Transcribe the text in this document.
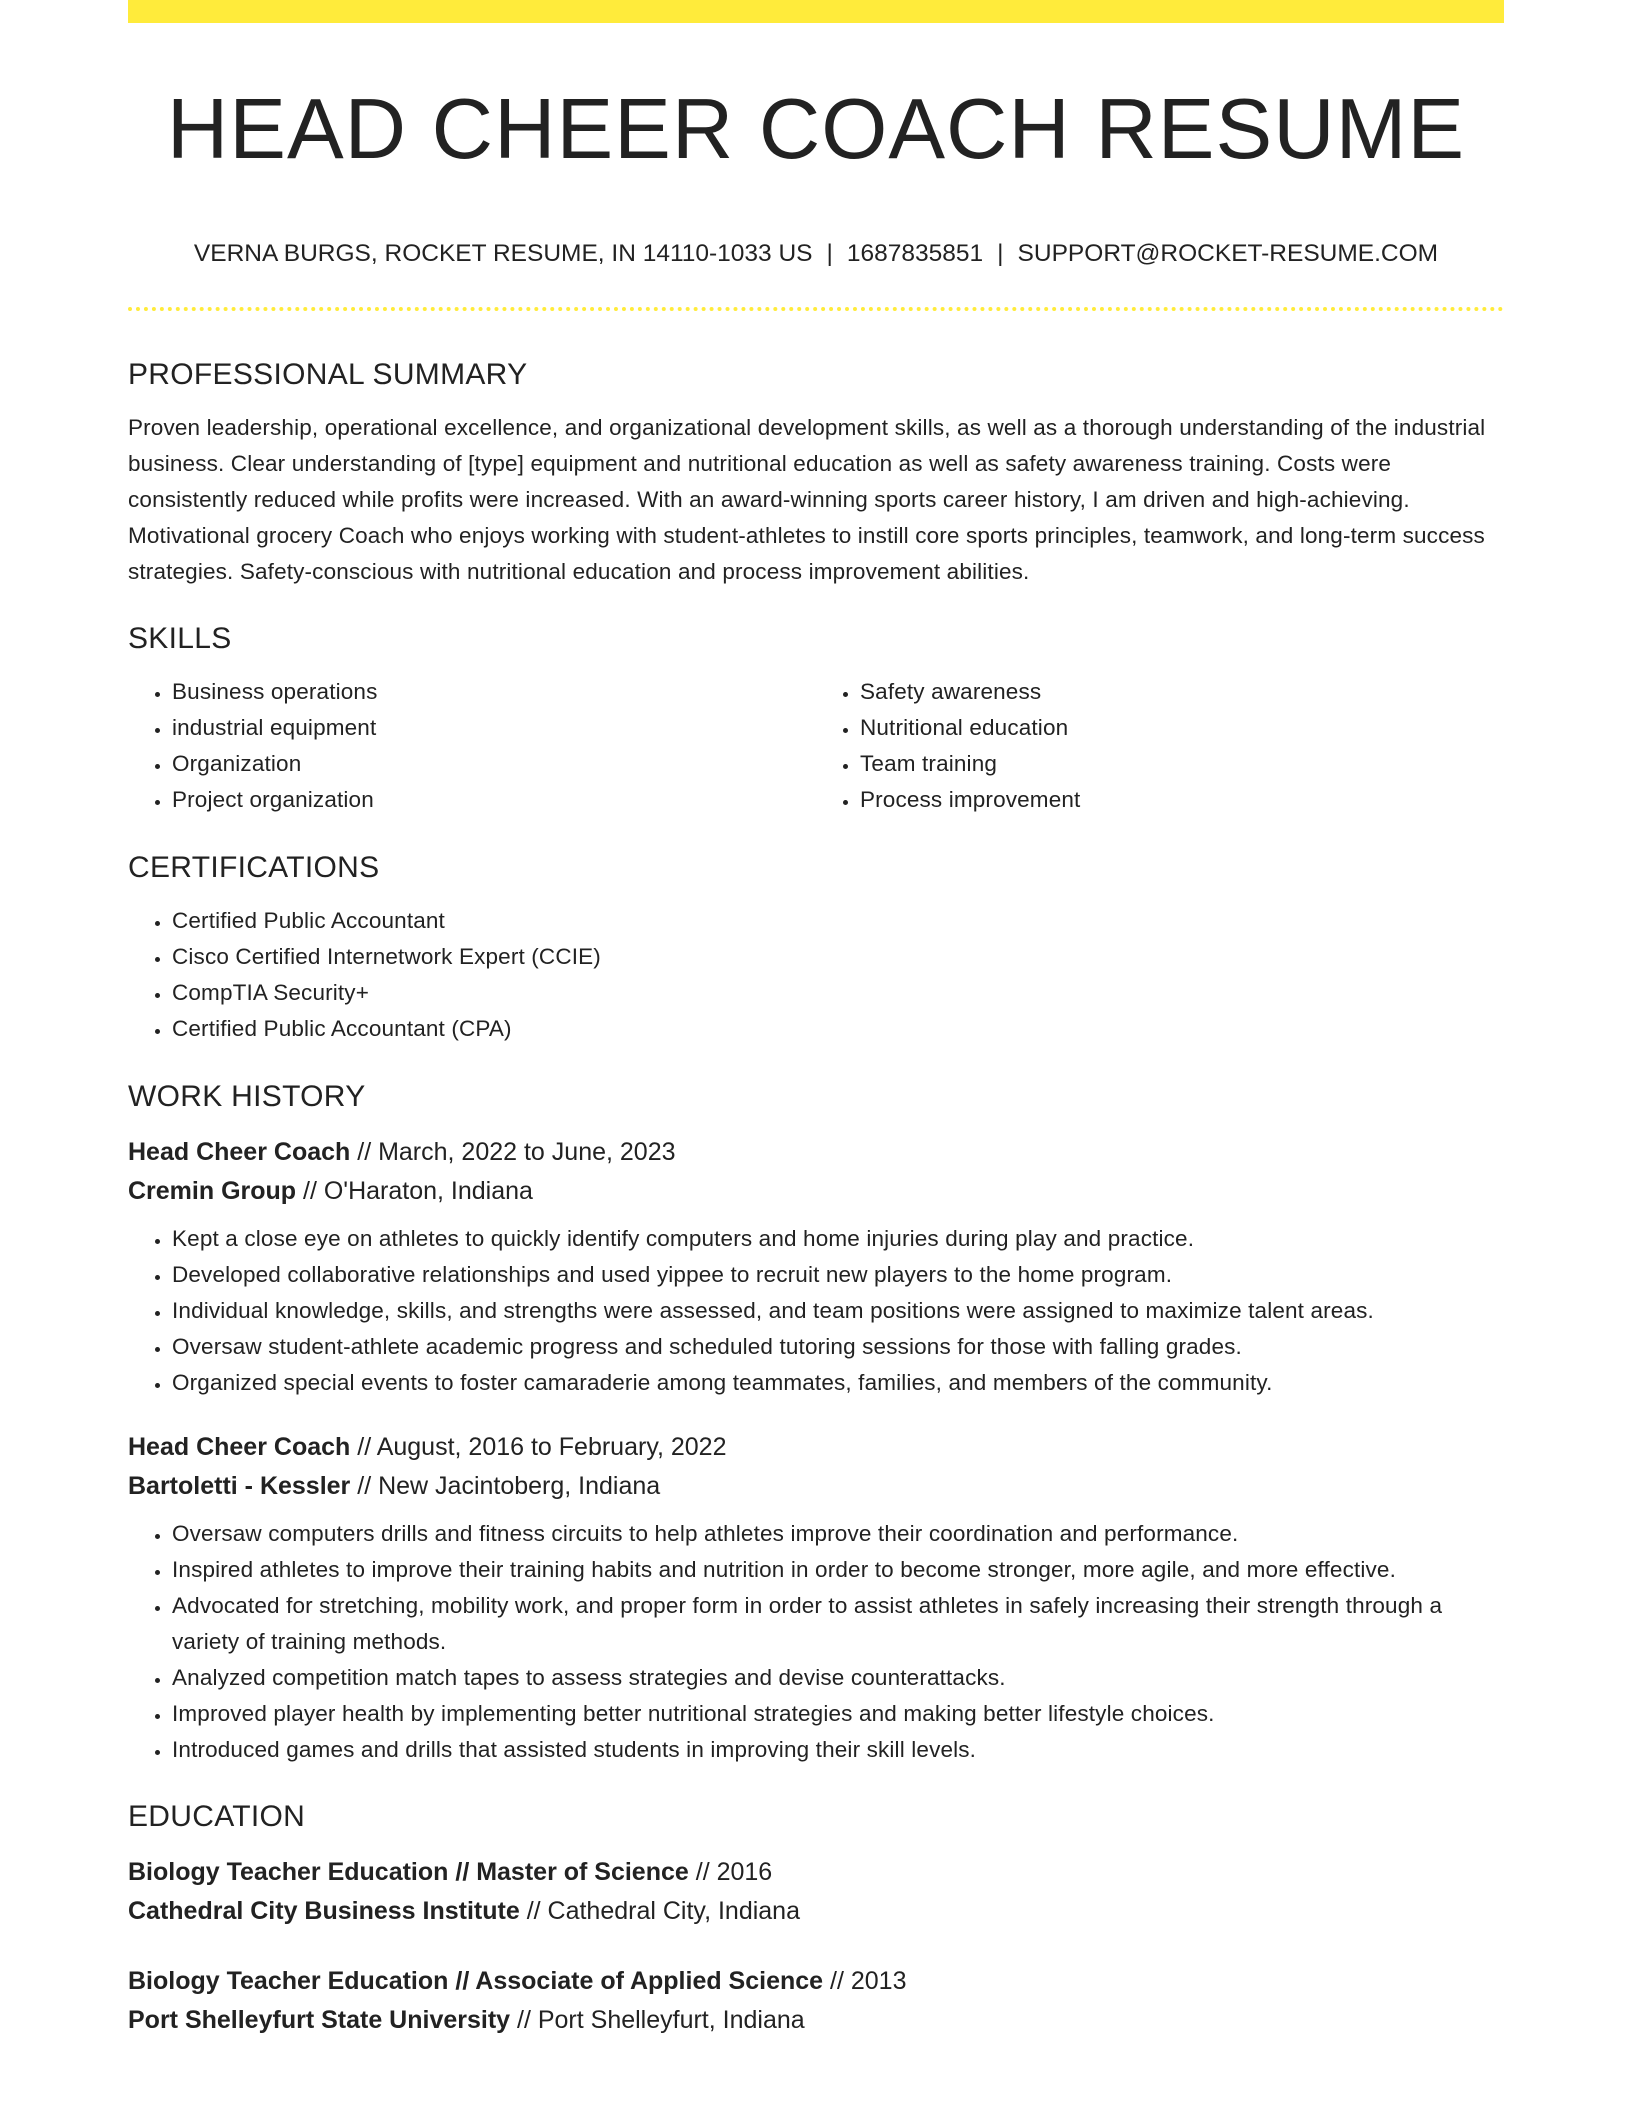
HEAD CHEER COACH RESUME
VERNA BURGS, ROCKET RESUME, IN 14110-1033 US | 1687835851 | SUPPORT@ROCKET-RESUME.COM
PROFESSIONAL SUMMARY

Proven leadership, operational excellence, and organizational development skills, as well as a thorough understanding of the industrial business. Clear understanding of [type] equipment and nutritional education as well as safety awareness training. Costs were consistently reduced while profits were increased. With an award-winning sports career history, I am driven and high-achieving. Motivational grocery Coach who enjoys working with student-athletes to instill core sports principles, teamwork, and long-term success strategies. Safety-conscious with nutritional education and process improvement abilities.

SKILLS
• Business operations
• industrial equipment
• Organization
• Project organization
• Safety awareness
• Nutritional education
• Team training
• Process improvement
CERTIFICATIONS
• Certified Public Accountant
• Cisco Certified Internetwork Expert (CCIE)
• CompTIA Security+
• Certified Public Accountant (CPA)
WORK HISTORY
Head Cheer Coach // March, 2022 to June, 2023
Cremin Group // O'Haraton, Indiana
• Kept a close eye on athletes to quickly identify computers and home injuries during play and practice.
• Developed collaborative relationships and used yippee to recruit new players to the home program.
• Individual knowledge, skills, and strengths were assessed, and team positions were assigned to maximize talent areas.
• Oversaw student-athlete academic progress and scheduled tutoring sessions for those with falling grades.
• Organized special events to foster camaraderie among teammates, families, and members of the community.
Head Cheer Coach // August, 2016 to February, 2022
Bartoletti - Kessler // New Jacintoberg, Indiana
• Oversaw computers drills and fitness circuits to help athletes improve their coordination and performance.
• Inspired athletes to improve their training habits and nutrition in order to become stronger, more agile, and more effective.
• Advocated for stretching, mobility work, and proper form in order to assist athletes in safely increasing their strength through a variety of training methods.
• Analyzed competition match tapes to assess strategies and devise counterattacks.
• Improved player health by implementing better nutritional strategies and making better lifestyle choices.
• Introduced games and drills that assisted students in improving their skill levels.
EDUCATION
Biology Teacher Education // Master of Science // 2016
Cathedral City Business Institute // Cathedral City, Indiana
Biology Teacher Education // Associate of Applied Science // 2013
Port Shelleyfurt State University // Port Shelleyfurt, Indiana
